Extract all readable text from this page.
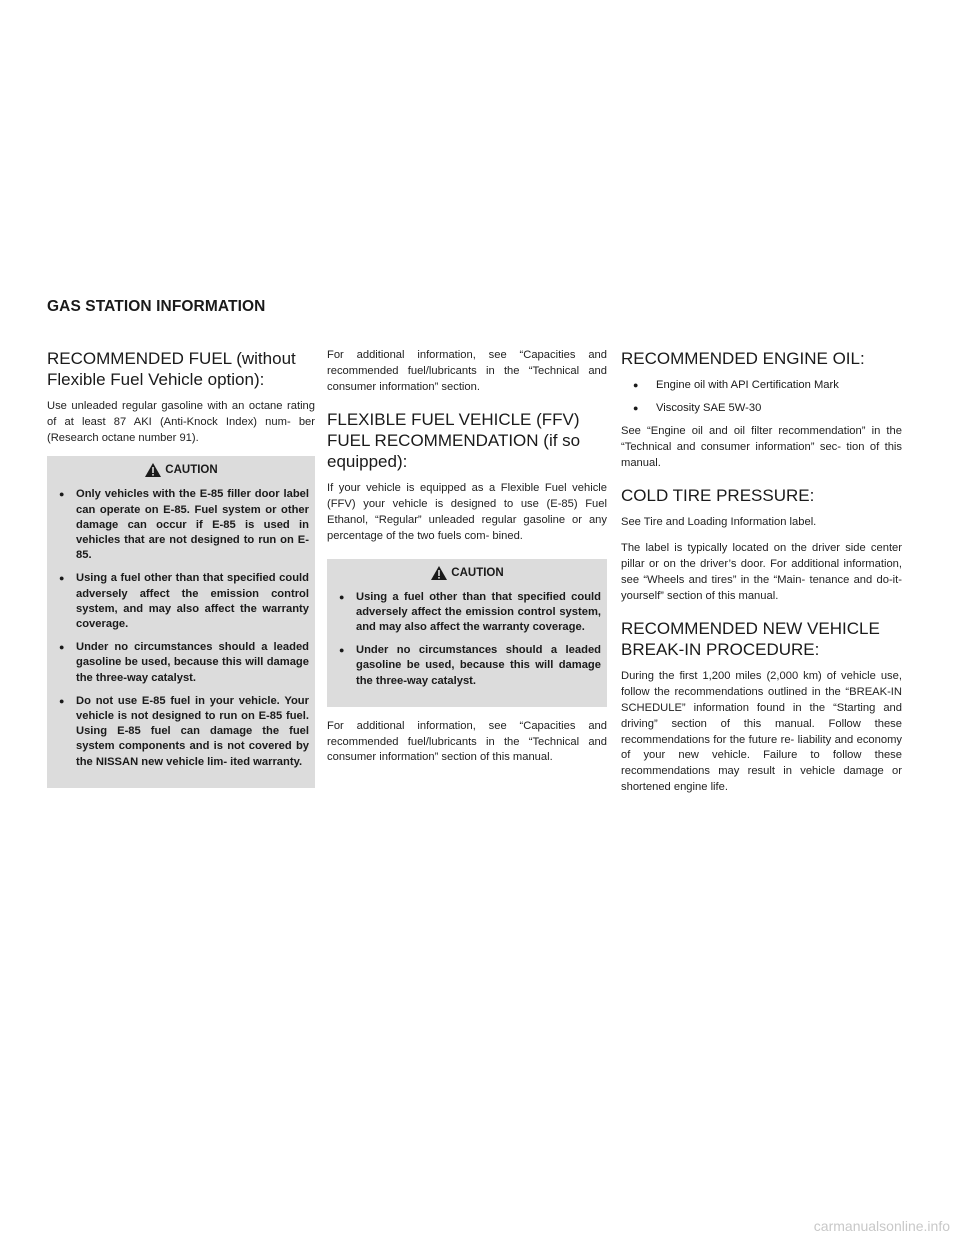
GAS STATION INFORMATION
RECOMMENDED FUEL (without Flexible Fuel Vehicle option):

Use unleaded regular gasoline with an octane rating of at least 87 AKI (Anti-Knock Index) num- ber (Research octane number 91).

CAUTION
● Only vehicles with the E-85 filler door label can operate on E-85. Fuel system or other damage can occur if E-85 is used in vehicles that are not designed to run on E-85.
● Using a fuel other than that specified could adversely affect the emission control system, and may also affect the warranty coverage.
● Under no circumstances should a leaded gasoline be used, because this will damage the three-way catalyst.
● Do not use E-85 fuel in your vehicle. Your vehicle is not designed to run on E-85 fuel. Using E-85 fuel can damage the fuel system components and is not covered by the NISSAN new vehicle lim- ited warranty.

For additional information, see “Capacities and recommended fuel/lubricants in the “Technical and consumer information” section.

FLEXIBLE FUEL VEHICLE (FFV) FUEL RECOMMENDATION (if so equipped):

If your vehicle is equipped as a Flexible Fuel vehicle (FFV) your vehicle is designed to use (E-85) Fuel Ethanol, “Regular” unleaded regular gasoline or any percentage of the two fuels com- bined.

CAUTION
● Using a fuel other than that specified could adversely affect the emission control system, and may also affect the warranty coverage.
● Under no circumstances should a leaded gasoline be used, because this will damage the three-way catalyst.

For additional information, see “Capacities and recommended fuel/lubricants in the “Technical and consumer information” section of this manual.

RECOMMENDED ENGINE OIL:
● Engine oil with API Certification Mark
● Viscosity SAE 5W-30

See “Engine oil and oil filter recommendation” in the “Technical and consumer information” sec- tion of this manual.

COLD TIRE PRESSURE:

See Tire and Loading Information label.

The label is typically located on the driver side center pillar or on the driver’s door. For additional information, see “Wheels and tires” in the “Main- tenance and do-it-yourself” section of this manual.

RECOMMENDED NEW VEHICLE BREAK-IN PROCEDURE:

During the first 1,200 miles (2,000 km) of vehicle use, follow the recommendations outlined in the “BREAK-IN SCHEDULE” information found in the “Starting and driving” section of this manual. Follow these recommendations for the future re- liability and economy of your new vehicle. Failure to follow these recommendations may result in vehicle damage or shortened engine life.

carmanualsonline.info
